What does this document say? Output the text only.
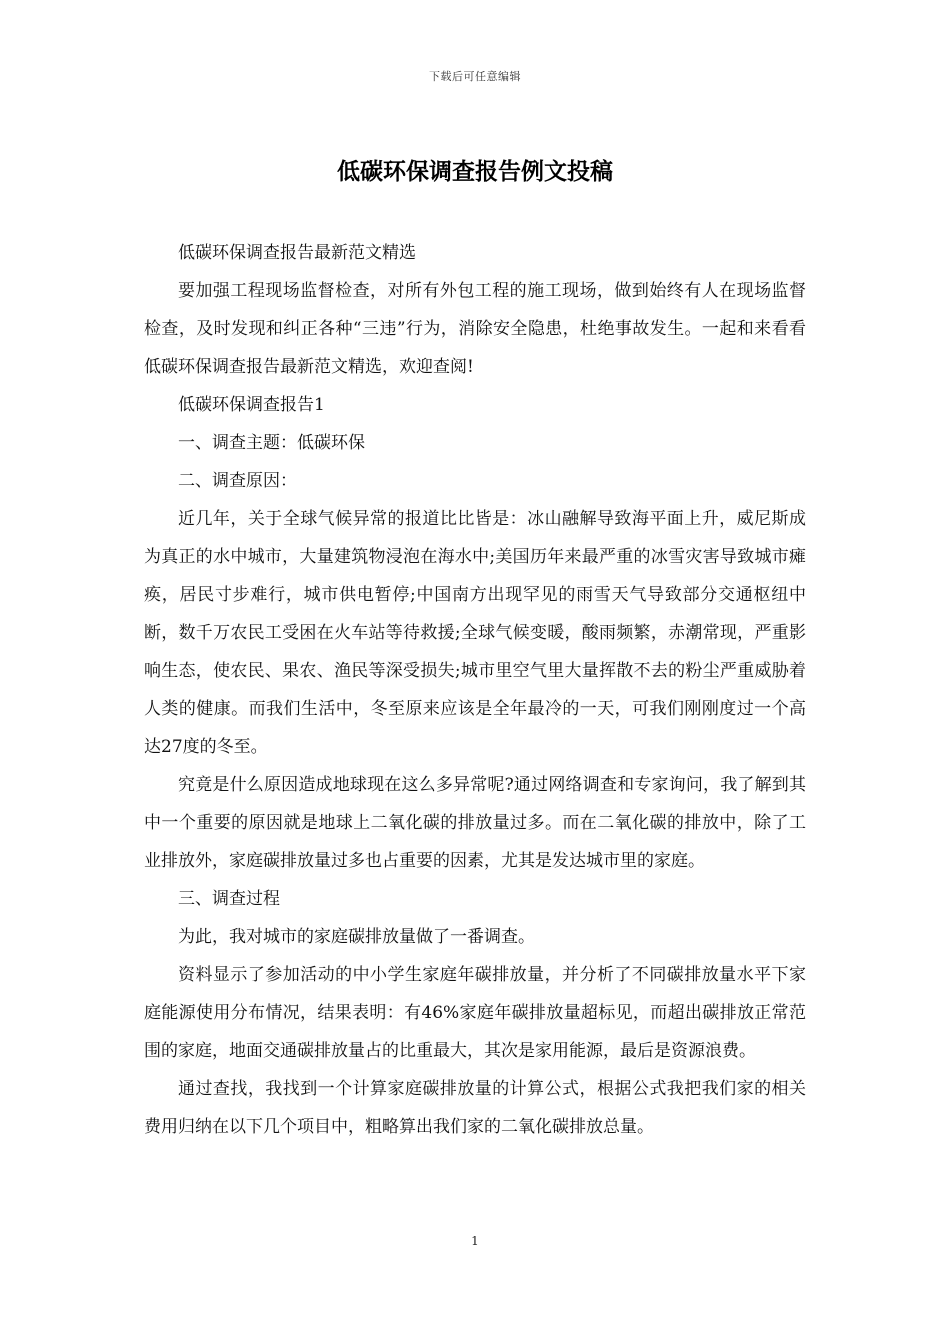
下载后可任意编辑
低碳环保调查报告例文投稿

低碳环保调查报告最新范文精选

要加强工程现场监督检查，对所有外包工程的施工现场，做到始终有人在现场监督检查，及时发现和纠正各种“三违”行为，消除安全隐患，杜绝事故发生。一起和来看看低碳环保调查报告最新范文精选，欢迎查阅!

低碳环保调查报告1

一、调查主题：低碳环保

二、调查原因：

近几年，关于全球气候异常的报道比比皆是：冰山融解导致海平面上升，威尼斯成为真正的水中城市，大量建筑物浸泡在海水中;美国历年来最严重的冰雪灾害导致城市瘫痪，居民寸步难行，城市供电暂停;中国南方出现罕见的雨雪天气导致部分交通枢纽中断，数千万农民工受困在火车站等待救援;全球气候变暖，酸雨频繁，赤潮常现，严重影响生态，使农民、果农、渔民等深受损失;城市里空气里大量挥散不去的粉尘严重威胁着人类的健康。而我们生活中，冬至原来应该是全年最冷的一天，可我们刚刚度过一个高达27度的冬至。

究竟是什么原因造成地球现在这么多异常呢?通过网络调查和专家询问，我了解到其中一个重要的原因就是地球上二氧化碳的排放量过多。而在二氧化碳的排放中，除了工业排放外，家庭碳排放量过多也占重要的因素，尤其是发达城市里的家庭。

三、调查过程

为此，我对城市的家庭碳排放量做了一番调查。

资料显示了参加活动的中小学生家庭年碳排放量，并分析了不同碳排放量水平下家庭能源使用分布情况，结果表明：有46%家庭年碳排放量超标见，而超出碳排放正常范围的家庭，地面交通碳排放量占的比重最大，其次是家用能源，最后是资源浪费。

通过查找，我找到一个计算家庭碳排放量的计算公式，根据公式我把我们家的相关费用归纳在以下几个项目中，粗略算出我们家的二氧化碳排放总量。

1
